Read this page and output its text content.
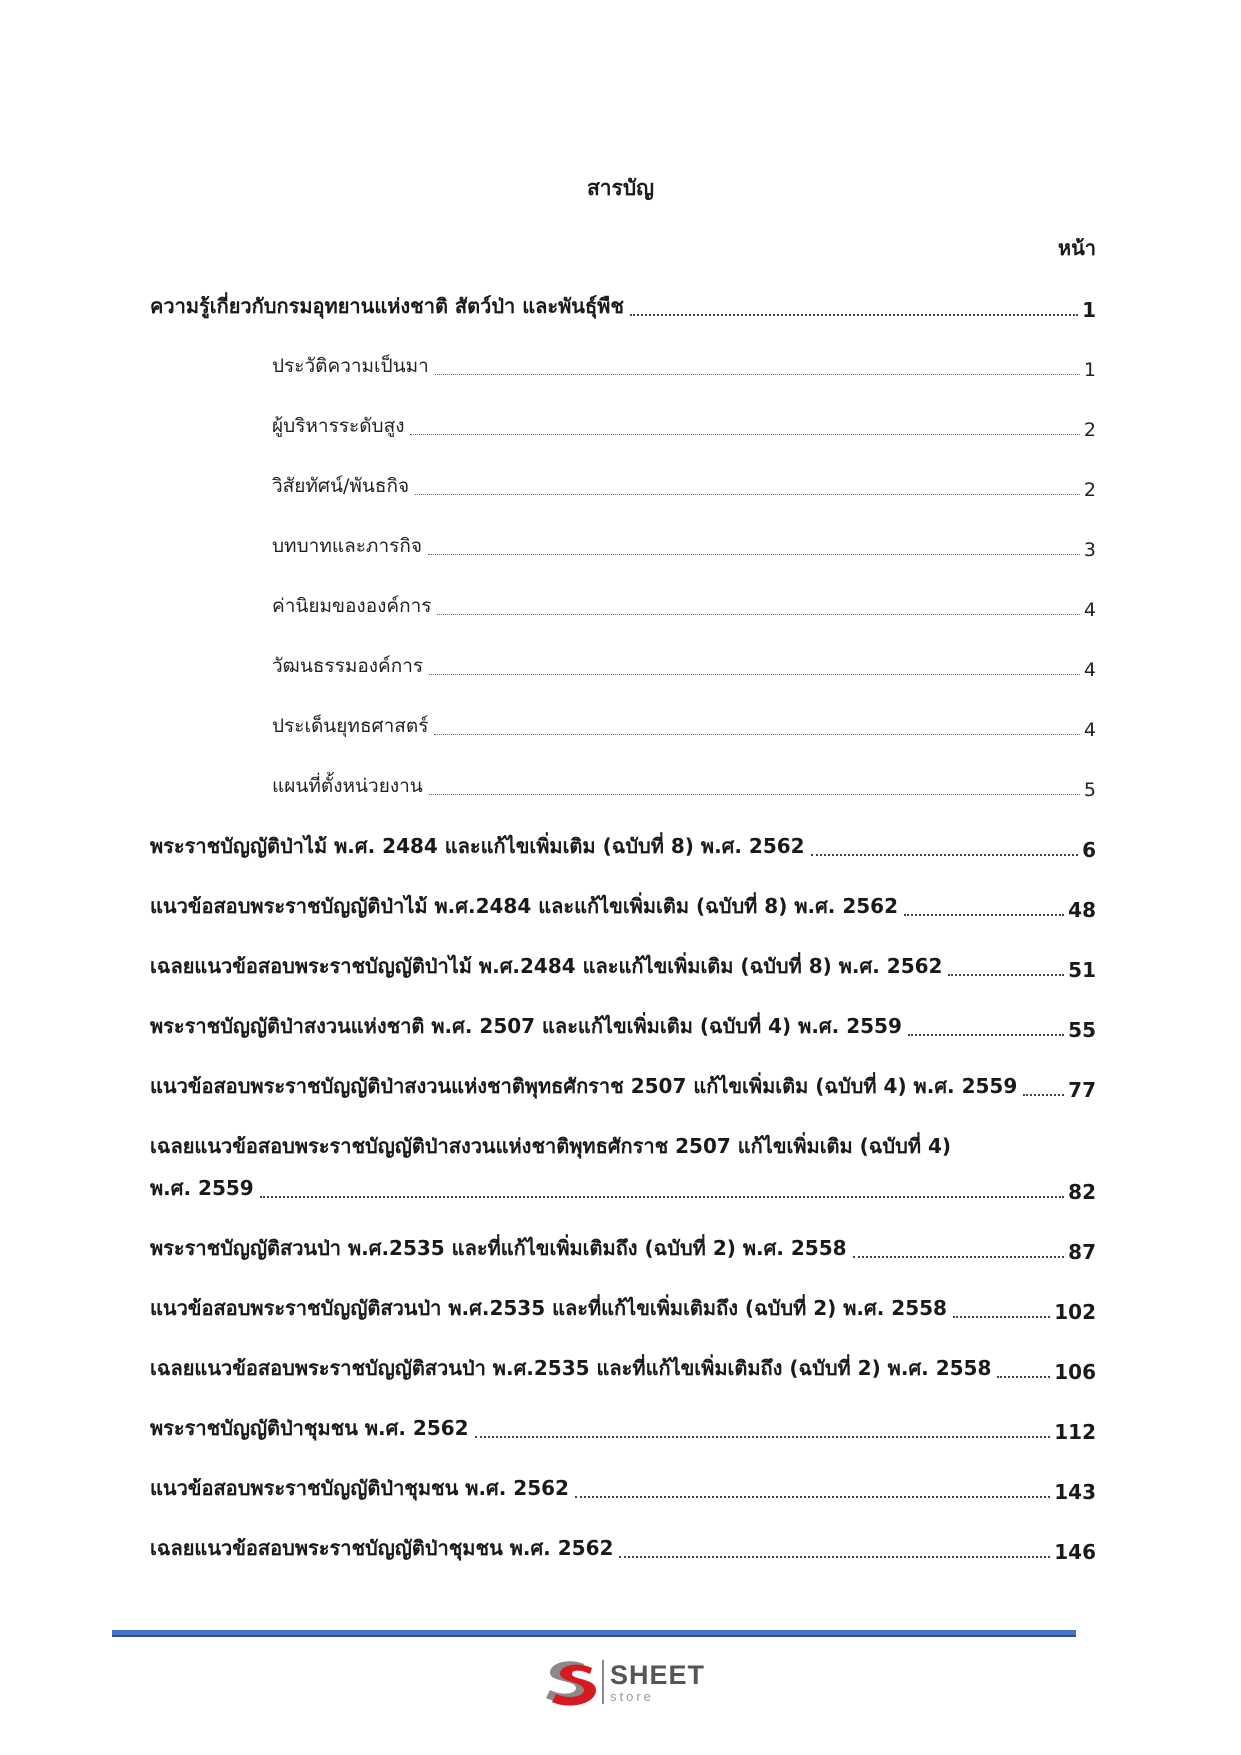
สารบัญ
หน้า
ความรู้เกี่ยวกับกรมอุทยานแห่งชาติ สัตว์ป่า และพันธุ์พืช	1
ประวัติความเป็นมา	1
ผู้บริหารระดับสูง	2
วิสัยทัศน์/พันธกิจ	2
บทบาทและภารกิจ	3
ค่านิยมขององค์การ	4
วัฒนธรรมองค์การ	4
ประเด็นยุทธศาสตร์	4
แผนที่ตั้งหน่วยงาน	5
พระราชบัญญัติป่าไม้ พ.ศ. 2484 และแก้ไขเพิ่มเติม (ฉบับที่ 8) พ.ศ. 2562	6
แนวข้อสอบพระราชบัญญัติป่าไม้ พ.ศ.2484 และแก้ไขเพิ่มเติม (ฉบับที่ 8) พ.ศ. 2562	48
เฉลยแนวข้อสอบพระราชบัญญัติป่าไม้ พ.ศ.2484 และแก้ไขเพิ่มเติม (ฉบับที่ 8) พ.ศ. 2562	51
พระราชบัญญัติป่าสงวนแห่งชาติ พ.ศ. 2507 และแก้ไขเพิ่มเติม (ฉบับที่ 4) พ.ศ. 2559	55
แนวข้อสอบพระราชบัญญัติป่าสงวนแห่งชาติพุทธศักราช 2507 แก้ไขเพิ่มเติม (ฉบับที่ 4) พ.ศ. 2559	77
เฉลยแนวข้อสอบพระราชบัญญัติป่าสงวนแห่งชาติพุทธศักราช 2507 แก้ไขเพิ่มเติม (ฉบับที่ 4)
พ.ศ. 2559	82
พระราชบัญญัติสวนป่า พ.ศ.2535 และที่แก้ไขเพิ่มเติมถึง (ฉบับที่ 2) พ.ศ. 2558	87
แนวข้อสอบพระราชบัญญัติสวนป่า พ.ศ.2535 และที่แก้ไขเพิ่มเติมถึง (ฉบับที่ 2) พ.ศ. 2558	102
เฉลยแนวข้อสอบพระราชบัญญัติสวนป่า พ.ศ.2535 และที่แก้ไขเพิ่มเติมถึง (ฉบับที่ 2) พ.ศ. 2558	106
พระราชบัญญัติป่าชุมชน พ.ศ. 2562	112
แนวข้อสอบพระราชบัญญัติป่าชุมชน พ.ศ. 2562	143
เฉลยแนวข้อสอบพระราชบัญญัติป่าชุมชน พ.ศ. 2562	146
SHEET
store
